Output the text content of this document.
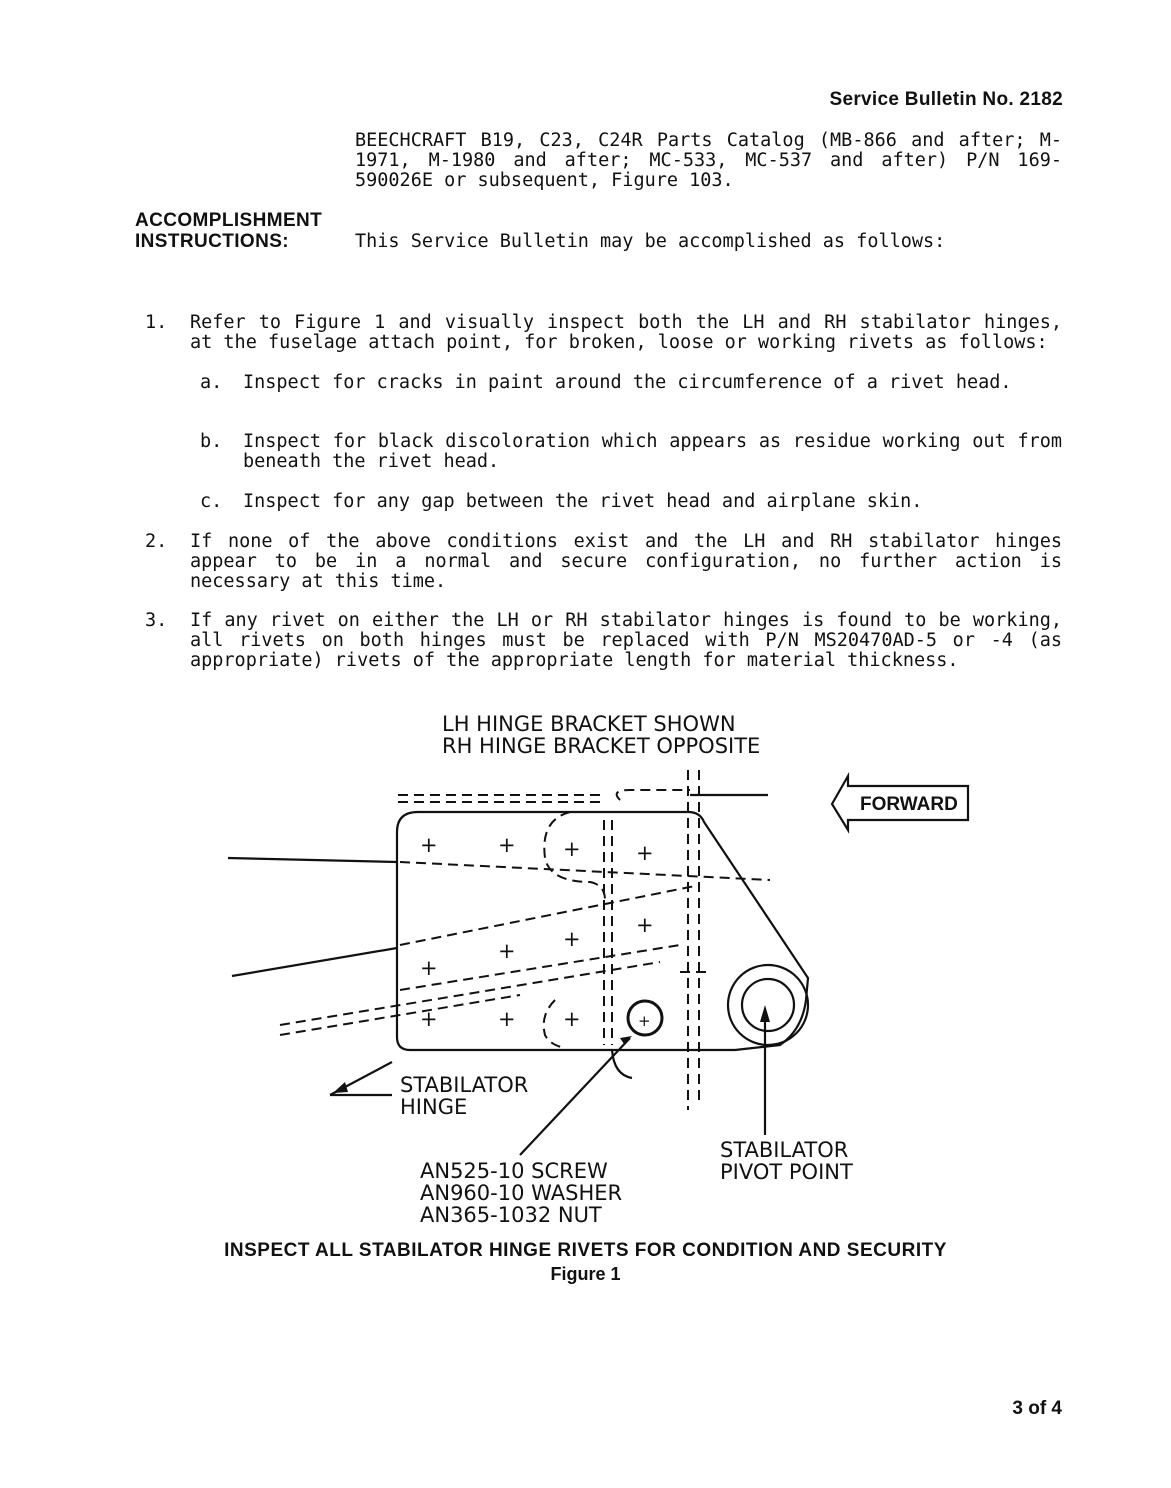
Service Bulletin No. 2182
BEECHCRAFT B19, C23, C24R Parts Catalog (MB-866 and after; M-1971, M-1980 and after; MC-533, MC-537 and after) P/N 169-590026E or subsequent, Figure 103.
ACCOMPLISHMENT
INSTRUCTIONS:	This Service Bulletin may be accomplished as follows:
1.	Refer to Figure 1 and visually inspect both the LH and RH stabilator hinges, at the fuselage attach point, for broken, loose or working rivets as follows:
a.	Inspect for cracks in paint around the circumference of a rivet head.
b.	Inspect for black discoloration which appears as residue working out from beneath the rivet head.
c.	Inspect for any gap between the rivet head and airplane skin.
2.	If none of the above conditions exist and the LH and RH stabilator hinges appear to be in a normal and secure configuration, no further action is necessary at this time.
3.	If any rivet on either the LH or RH stabilator hinges is found to be working, all rivets on both hinges must be replaced with P/N MS20470AD-5 or -4 (as appropriate) rivets of the appropriate length for material thickness.
+	+ +	+
+
+
+
+
+	+ +	+
LH HINGE BRACKET SHOWN
RH HINGE BRACKET OPPOSITE
FORWARD
STABILATOR
HINGE
AN525-10 SCREW
AN960-10 WASHER
AN365-1032 NUT
STABILATOR
PIVOT POINT
INSPECT ALL STABILATOR HINGE RIVETS FOR CONDITION AND SECURITY
Figure 1
3 of 4
